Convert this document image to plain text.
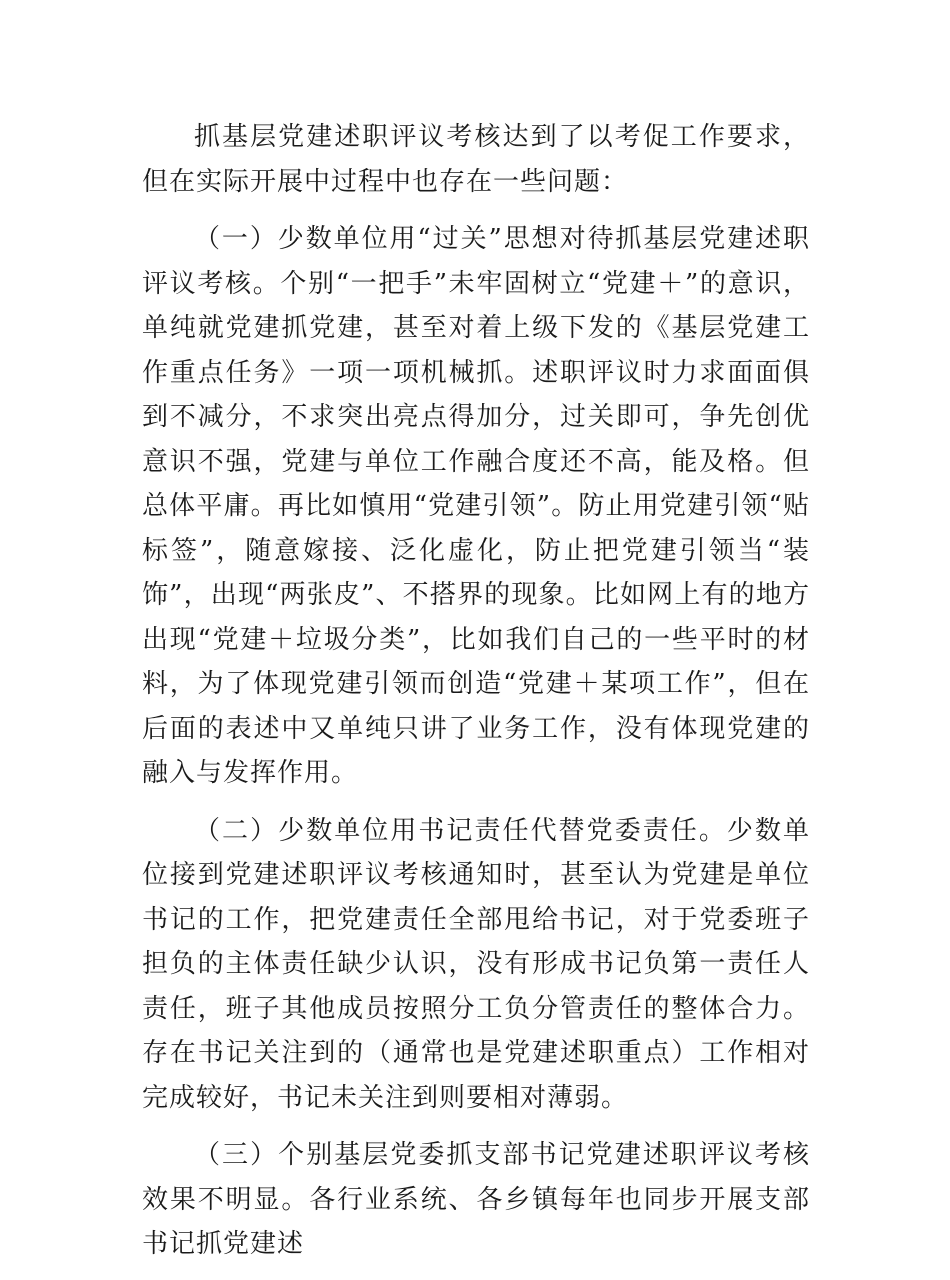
抓基层党建述职评议考核达到了以考促工作要求，但在实际开展中过程中也存在一些问题：

（一）少数单位用“过关”思想对待抓基层党建述职评议考核。个别“一把手”未牢固树立“党建＋”的意识，单纯就党建抓党建，甚至对着上级下发的《基层党建工作重点任务》一项一项机械抓。述职评议时力求面面俱到不减分，不求突出亮点得加分，过关即可，争先创优意识不强，党建与单位工作融合度还不高，能及格。但总体平庸。再比如慎用“党建引领”。防止用党建引领“贴标签”，随意嫁接、泛化虚化，防止把党建引领当“装饰”，出现“两张皮”、不搭界的现象。比如网上有的地方出现“党建＋垃圾分类”，比如我们自己的一些平时的材料，为了体现党建引领而创造“党建＋某项工作”，但在后面的表述中又单纯只讲了业务工作，没有体现党建的融入与发挥作用。

（二）少数单位用书记责任代替党委责任。少数单位接到党建述职评议考核通知时，甚至认为党建是单位书记的工作，把党建责任全部甩给书记，对于党委班子担负的主体责任缺少认识，没有形成书记负第一责任人责任，班子其他成员按照分工负分管责任的整体合力。存在书记关注到的（通常也是党建述职重点）工作相对完成较好，书记未关注到则要相对薄弱。

（三）个别基层党委抓支部书记党建述职评议考核效果不明显。各行业系统、各乡镇每年也同步开展支部书记抓党建述
